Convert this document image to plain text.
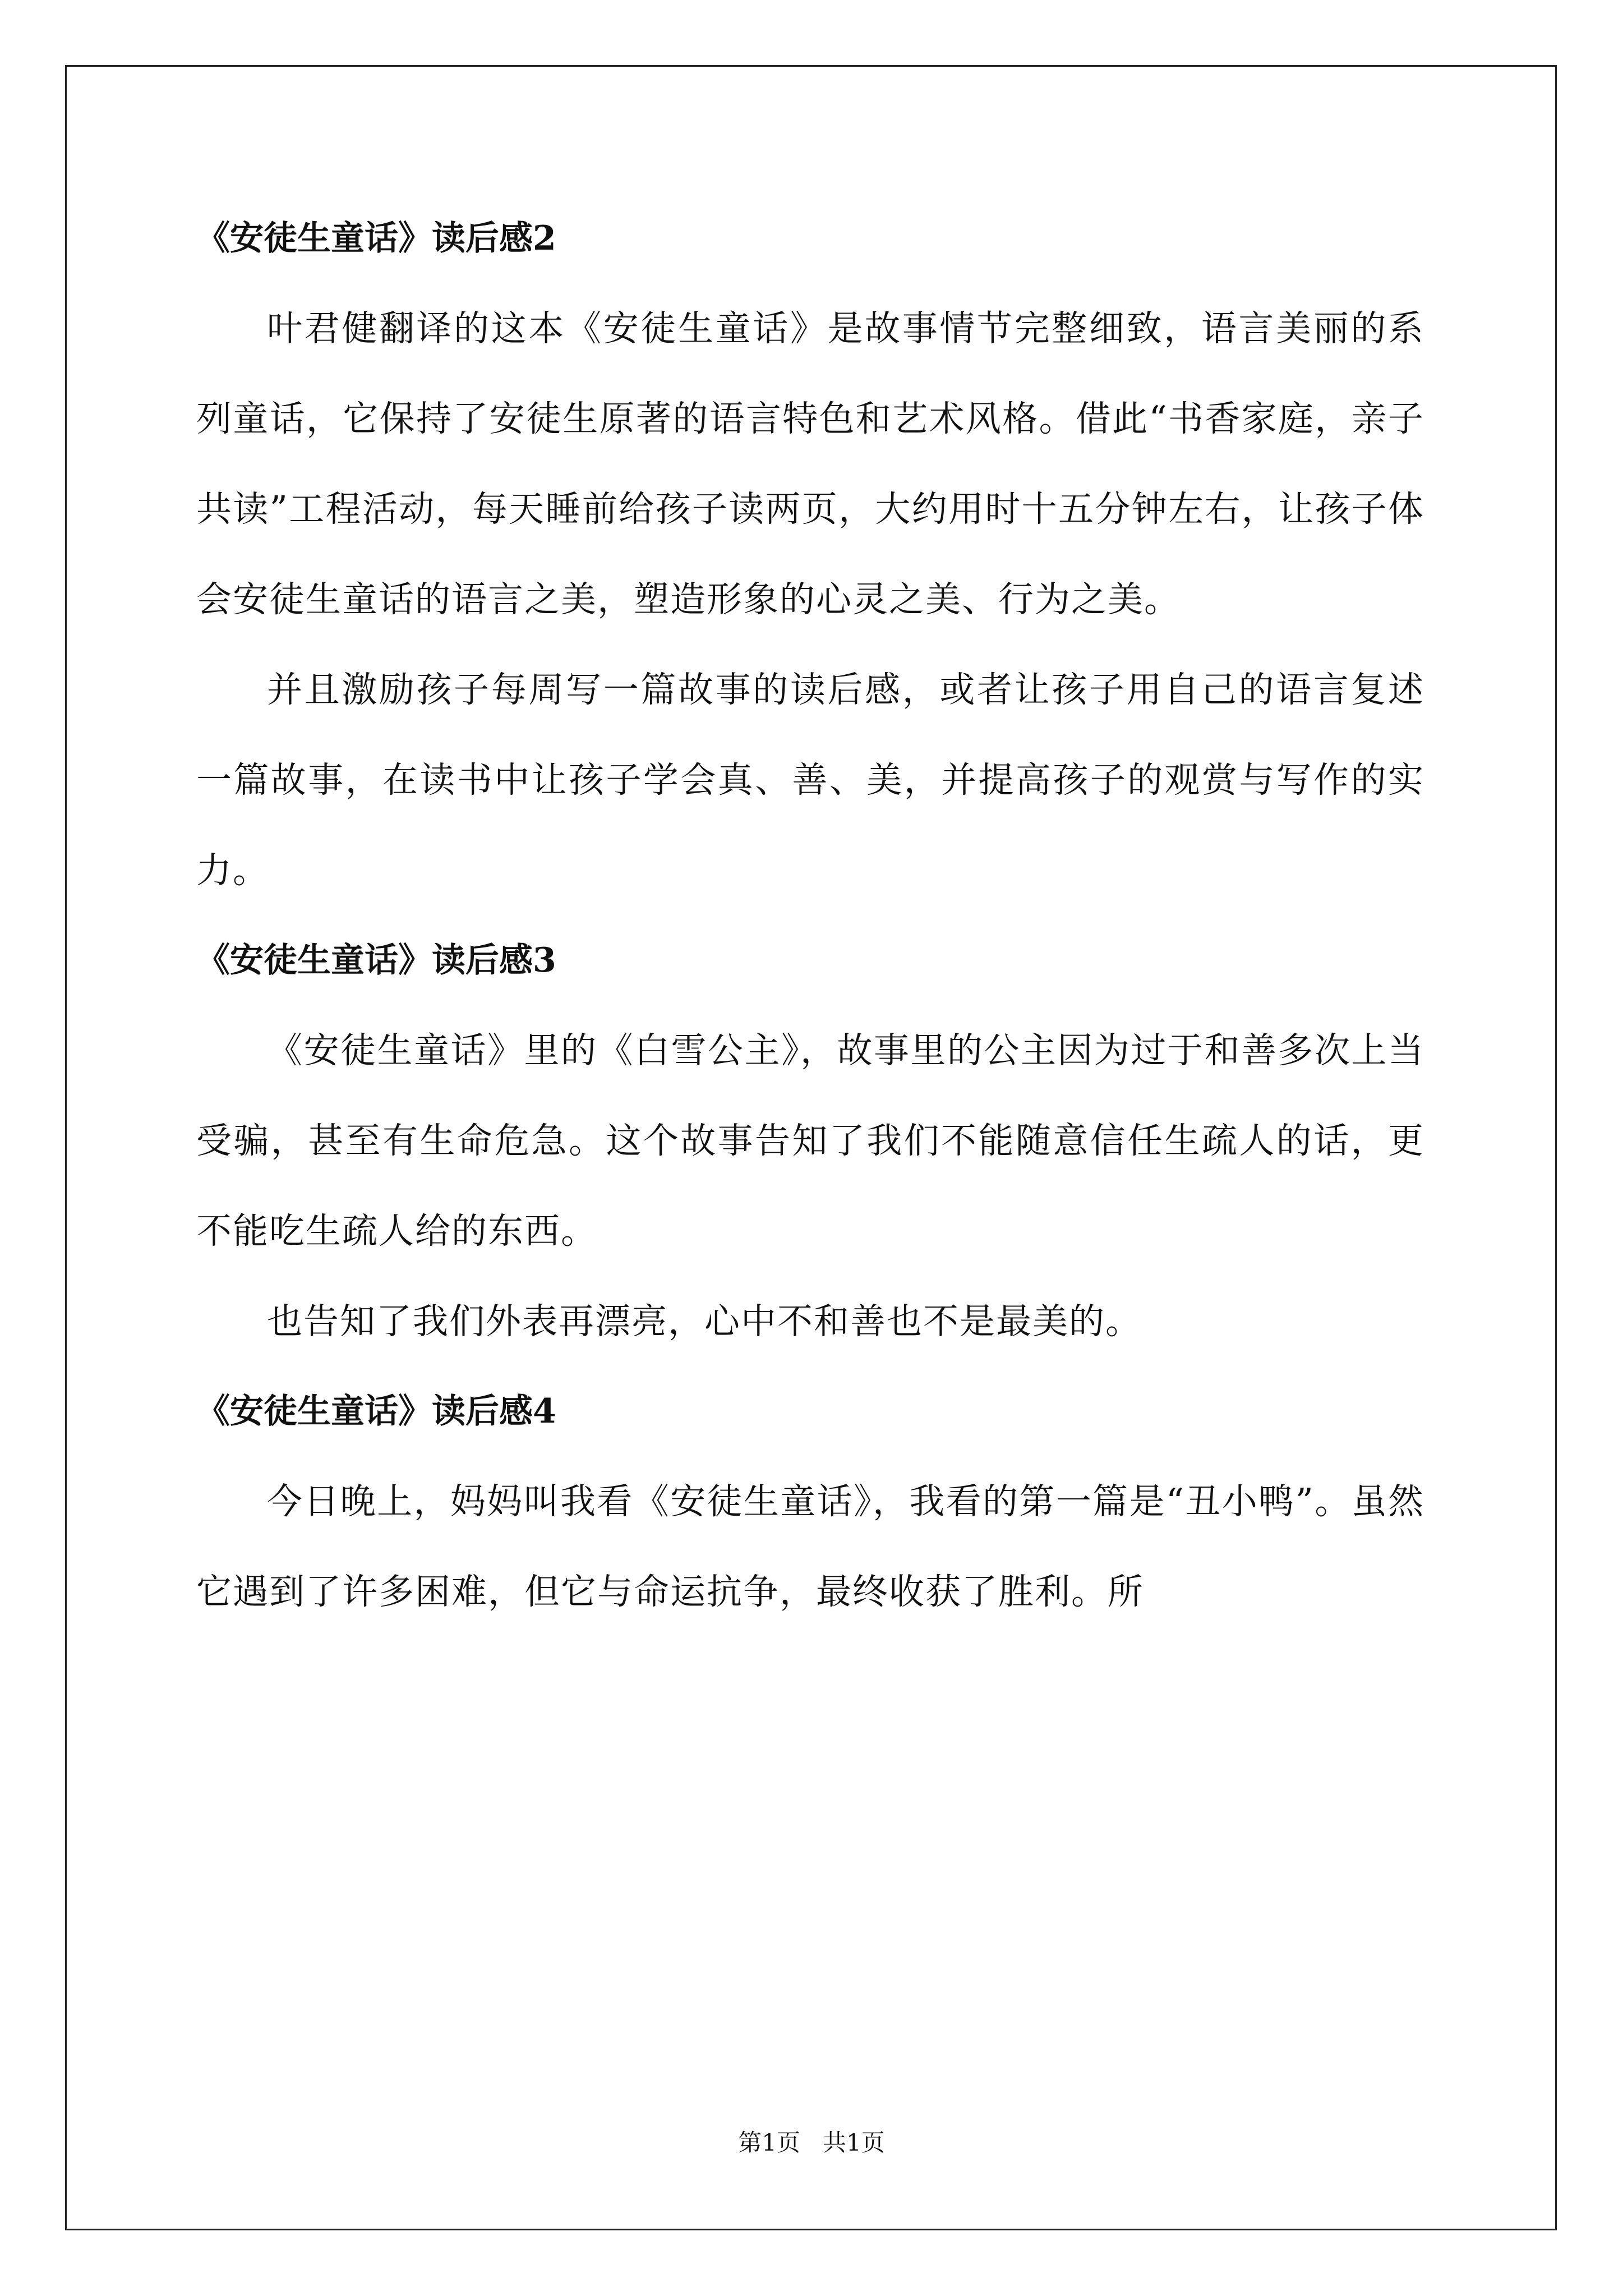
《安徒生童话》读后感2

叶君健翻译的这本《安徒生童话》是故事情节完整细致，语言美丽的系列童话，它保持了安徒生原著的语言特色和艺术风格。借此“书香家庭，亲子共读”工程活动，每天睡前给孩子读两页，大约用时十五分钟左右，让孩子体会安徒生童话的语言之美，塑造形象的心灵之美、行为之美。

并且激励孩子每周写一篇故事的读后感，或者让孩子用自己的语言复述一篇故事，在读书中让孩子学会真、善、美，并提高孩子的观赏与写作的实力。

《安徒生童话》读后感3

《安徒生童话》里的《白雪公主》，故事里的公主因为过于和善多次上当受骗，甚至有生命危急。这个故事告知了我们不能随意信任生疏人的话，更不能吃生疏人给的东西。

也告知了我们外表再漂亮，心中不和善也不是最美的。

《安徒生童话》读后感4

今日晚上，妈妈叫我看《安徒生童话》，我看的第一篇是“丑小鸭”。虽然它遇到了许多困难，但它与命运抗争，最终收获了胜利。所

第1页   共1页
